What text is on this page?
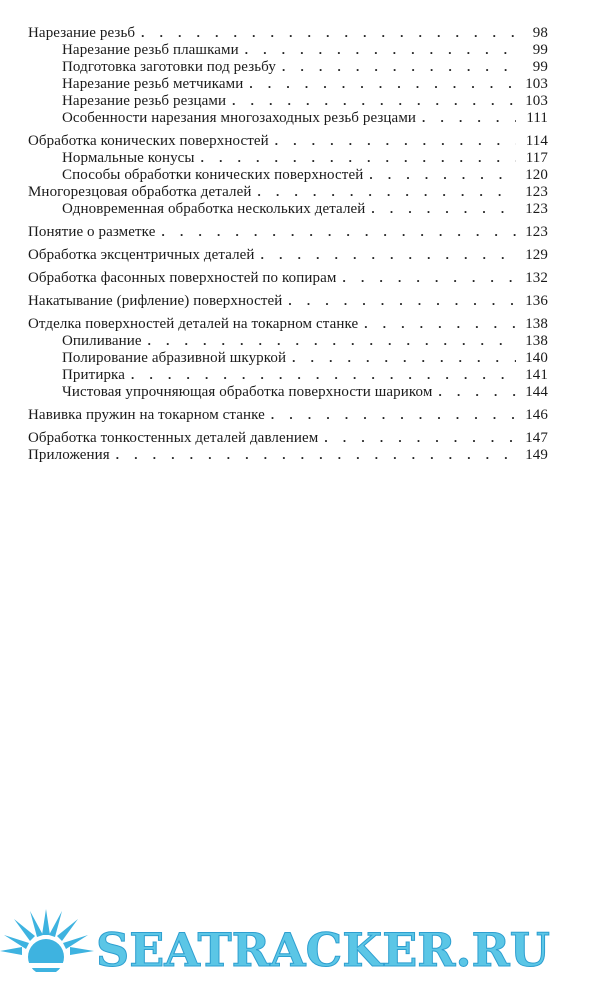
Нарезание резьб . . .	98
Нарезание резьб плашками . . .	99
Подготовка заготовки под резьбу . . .	99
Нарезание резьб метчиками . . .	103
Нарезание резьб резцами . . .	103
Особенности нарезания многозаходных резьб резцами . . .	111
Обработка конических поверхностей . . .	114
Нормальные конусы . . .	117
Способы обработки конических поверхностей . . .	120
Многорезцовая обработка деталей . . .	123
Одновременная обработка нескольких деталей . . .	123
Понятие о разметке . . .	123
Обработка эксцентричных деталей . . .	129
Обработка фасонных поверхностей по копирам . . .	132
Накатывание (рифление) поверхностей . . .	136
Отделка поверхностей деталей на токарном станке . . .	138
Опиливание . . .	138
Полирование абразивной шкуркой . . .	140
Притирка . . .	141
Чистовая упрочняющая обработка поверхности шариком . . .	144
Навивка пружин на токарном станке . . .	146
Обработка тонкостенных деталей давлением . . .	147
Приложения . . .	149
SEATRACKER.RU
